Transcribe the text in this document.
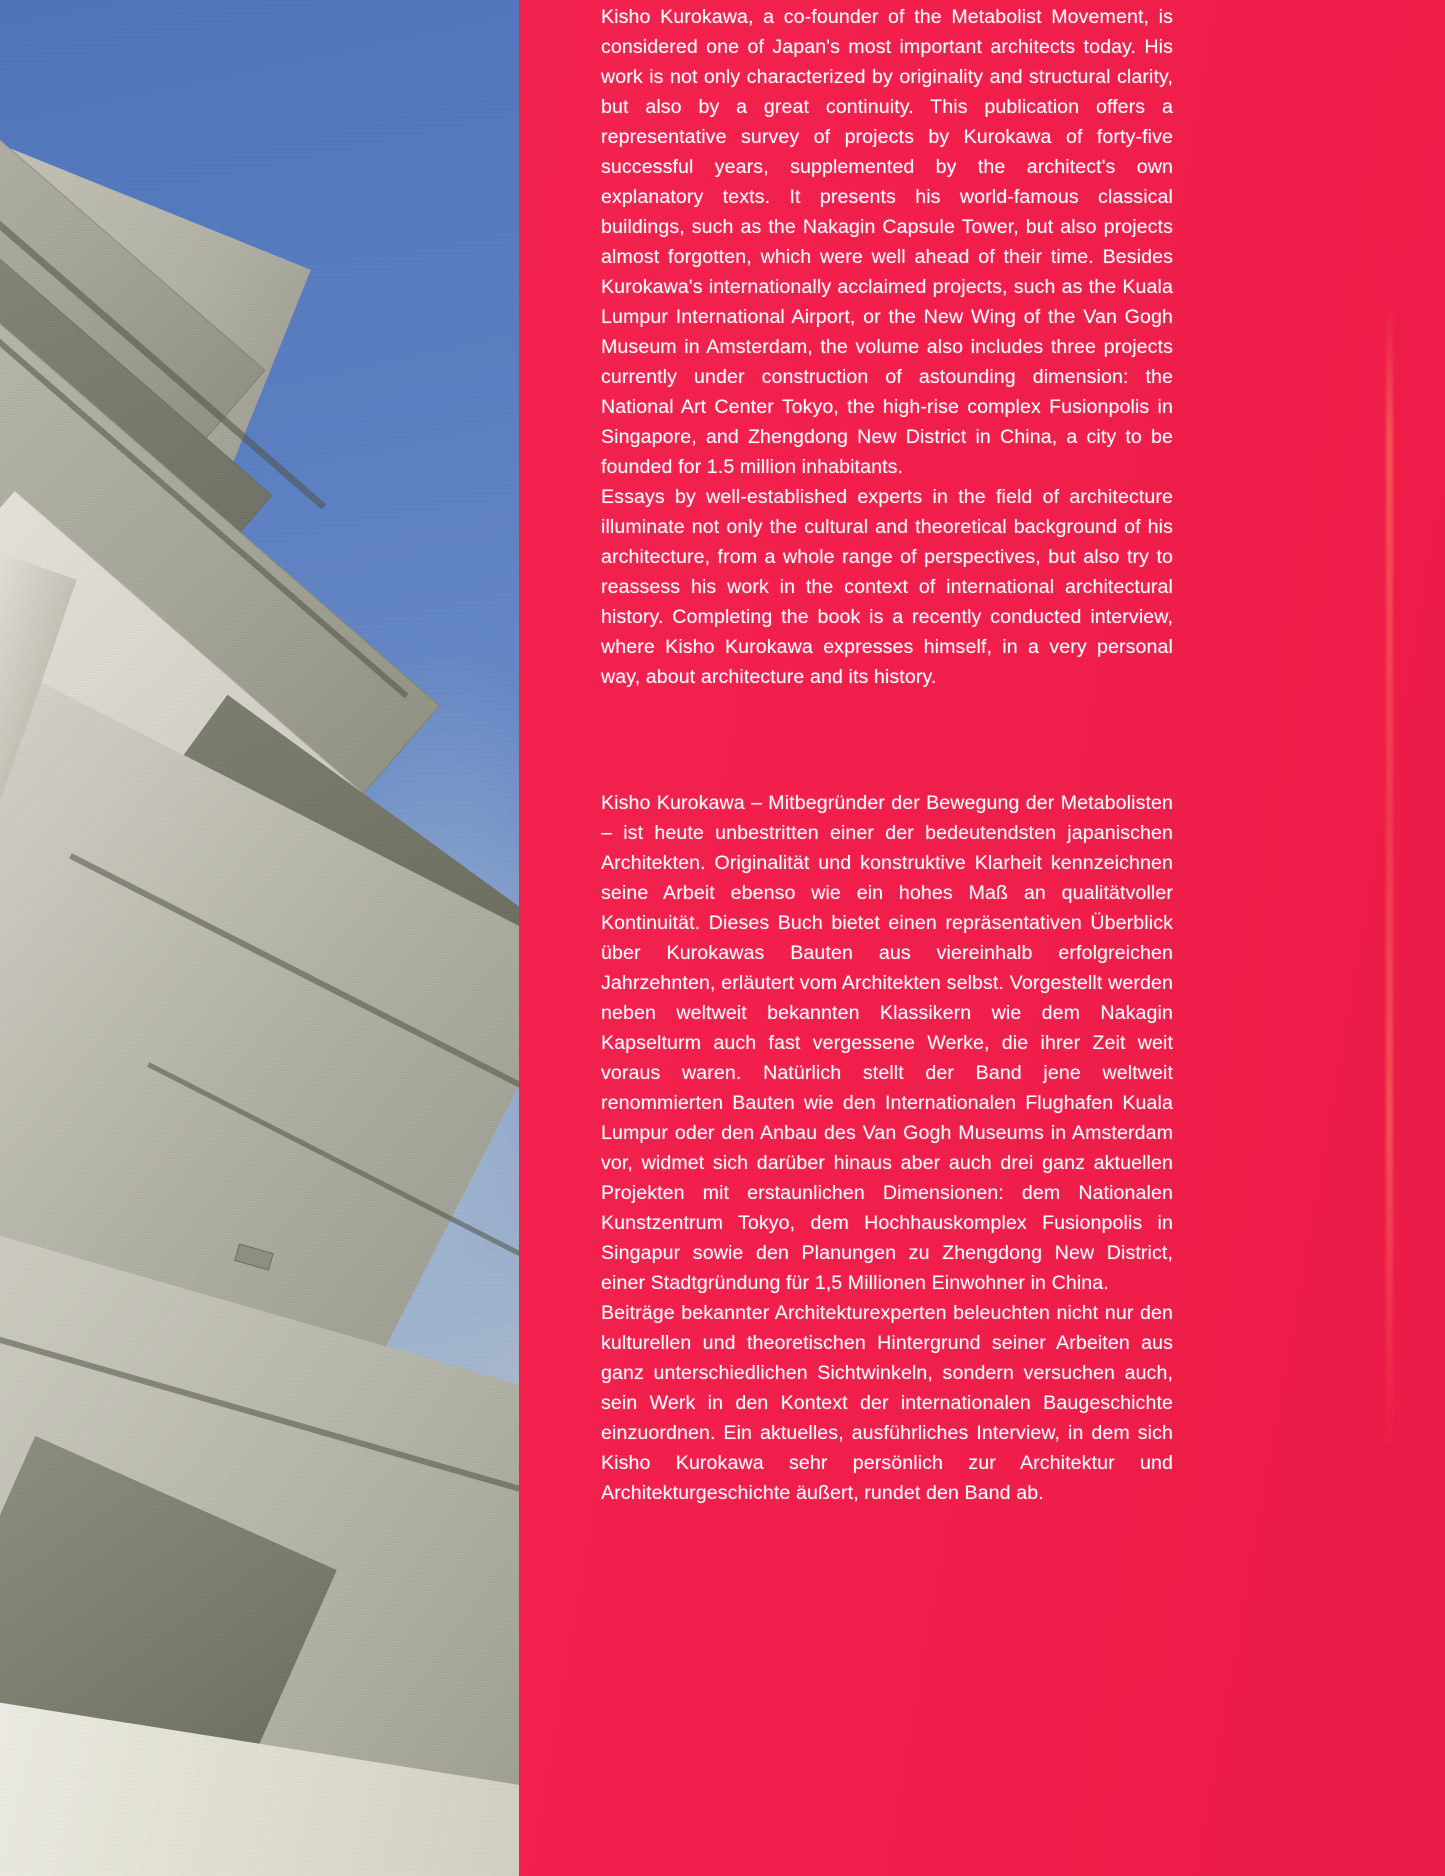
Kisho Kurokawa, a co-founder of the Metabolist Movement, is considered one of Japan's most important architects today. His work is not only characterized by originality and structural clarity, but also by a great continuity. This publication offers a representative survey of projects by Kurokawa of forty-five successful years, supplemented by the architect's own explanatory texts. It presents his world-famous classical buildings, such as the Nakagin Capsule Tower, but also projects almost forgotten, which were well ahead of their time. Besides Kurokawa's internationally acclaimed projects, such as the Kuala Lumpur International Airport, or the New Wing of the Van Gogh Museum in Amsterdam, the volume also includes three projects currently under construction of astounding dimension: the National Art Center Tokyo, the high-rise complex Fusionpolis in Singapore, and Zhengdong New District in China, a city to be founded for 1.5 million inhabitants.

Essays by well-established experts in the field of architecture illuminate not only the cultural and theoretical background of his architecture, from a whole range of perspectives, but also try to reassess his work in the context of international architectural history. Completing the book is a recently conducted interview, where Kisho Kurokawa expresses himself, in a very personal way, about architecture and its history.

Kisho Kurokawa – Mitbegründer der Bewegung der Metabolisten – ist heute unbestritten einer der bedeutendsten japanischen Architekten. Originalität und konstruktive Klarheit kennzeichnen seine Arbeit ebenso wie ein hohes Maß an qualitätvoller Kontinuität. Dieses Buch bietet einen repräsentativen Überblick über Kurokawas Bauten aus viereinhalb erfolgreichen Jahrzehnten, erläutert vom Architekten selbst. Vorgestellt werden neben weltweit bekannten Klassikern wie dem Nakagin Kapselturm auch fast vergessene Werke, die ihrer Zeit weit voraus waren. Natürlich stellt der Band jene weltweit renommierten Bauten wie den Internationalen Flughafen Kuala Lumpur oder den Anbau des Van Gogh Museums in Amsterdam vor, widmet sich darüber hinaus aber auch drei ganz aktuellen Projekten mit erstaunlichen Dimensionen: dem Nationalen Kunstzentrum Tokyo, dem Hochhauskomplex Fusionpolis in Singapur sowie den Planungen zu Zhengdong New District, einer Stadtgründung für 1,5 Millionen Einwohner in China.

Beiträge bekannter Architekturexperten beleuchten nicht nur den kulturellen und theoretischen Hintergrund seiner Arbeiten aus ganz unterschiedlichen Sichtwinkeln, sondern versuchen auch, sein Werk in den Kontext der internationalen Baugeschichte einzuordnen. Ein aktuelles, ausführliches Interview, in dem sich Kisho Kurokawa sehr persönlich zur Architektur und Architekturgeschichte äußert, rundet den Band ab.
